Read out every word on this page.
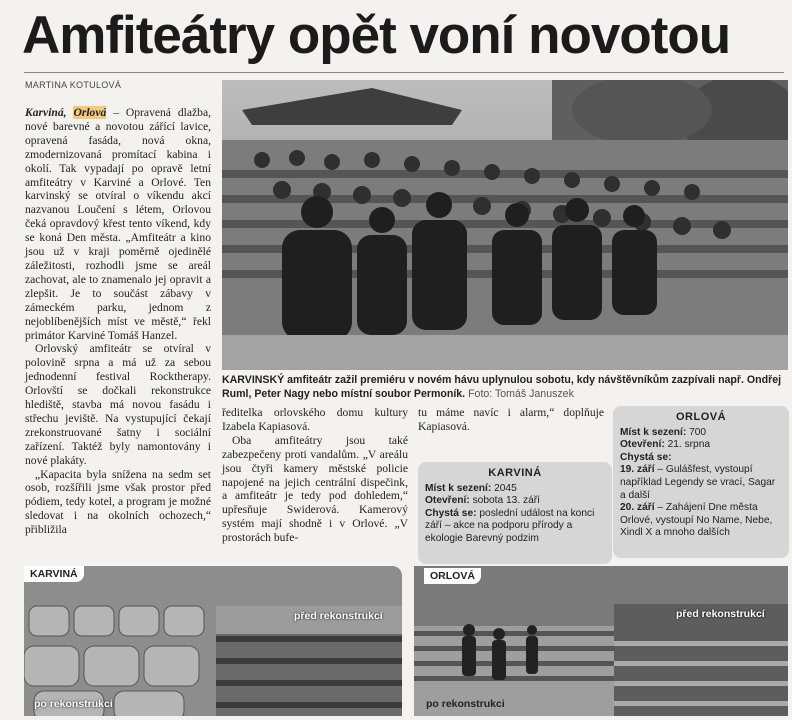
Amfiteátry opět voní novotou
MARTINA KOTULOVÁ

Karviná, Orlová – Opravená dlažba, nové barevné a novotou zářící lavice, opravená fasáda, nová okna, zmodernizovaná promítací kabina i okolí. Tak vypadají po opravě letní amfiteátry v Karviné a Orlové. Ten karvinský se otvíral o víkendu akcí nazvanou Loučení s létem, Orlovou čeká opravdový křest tento víkend, kdy se koná Den města. „Amfiteátr a kino jsou už v kraji poměrně ojedinělé záležitosti, rozhodli jsme se areál zachovat, ale to znamenalo jej opravit a zlepšit. Je to součást zábavy v zámeckém parku, jednom z nejoblíbenějších míst ve městě,“ řekl primátor Karviné Tomáš Hanzel.

Orlovský amfiteátr se otvíral v polovině srpna a má už za sebou jednodenní festival Rocktherapy. Orlovští se dočkali rekonstrukce hlediště, stavba má novou fasádu i střechu jeviště. Na vystupující čekají zrekonstruované šatny i sociální zařízení. Taktéž byly namontovány i nové plakáty.

„Kapacita byla snížena na sedm set osob, rozšířili jsme však prostor před pódiem, tedy kotel, a program je možné sledovat i na okolních ochozech,“ přibližila

KARVINSKÝ amfiteátr zažil premiéru v novém hávu uplynulou sobotu, kdy návštěvníkům zazpívali např. Ondřej Ruml, Peter Nagy nebo místní soubor Permoník. Foto: Tomáš Januszek

ředitelka orlovského domu kultury Izabela Kapiasová.

Oba amfiteátry jsou také zabezpečeny proti vandalům. „V areálu jsou čtyři kamery městské policie napojené na jejich centrální dispečink, a amfiteátr je tedy pod dohledem,“ upřesňuje Swiderová. Kamerový systém mají shodně i v Orlové. „V prostorách bufe-

tu máme navíc i alarm,“ doplňuje Kapiasová.

KARVINÁ
Míst k sezení: 2045
Otevření: sobota 13. září
Chystá se: poslední událost na konci září – akce na podporu přírody a ekologie Barevný podzim
ORLOVÁ
Míst k sezení: 700
Otevření: 21. srpna
Chystá se:
19. září – Gulášfest, vystoupí například Legendy se vrací, Sagar a další
20. září – Zahájení Dne města Orlové, vystoupí No Name, Nebe, Xindl X a mnoho dalších
KARVINÁ
před rekonstrukcí
po rekonstrukci
ORLOVÁ
před rekonstrukcí
po rekonstrukci
